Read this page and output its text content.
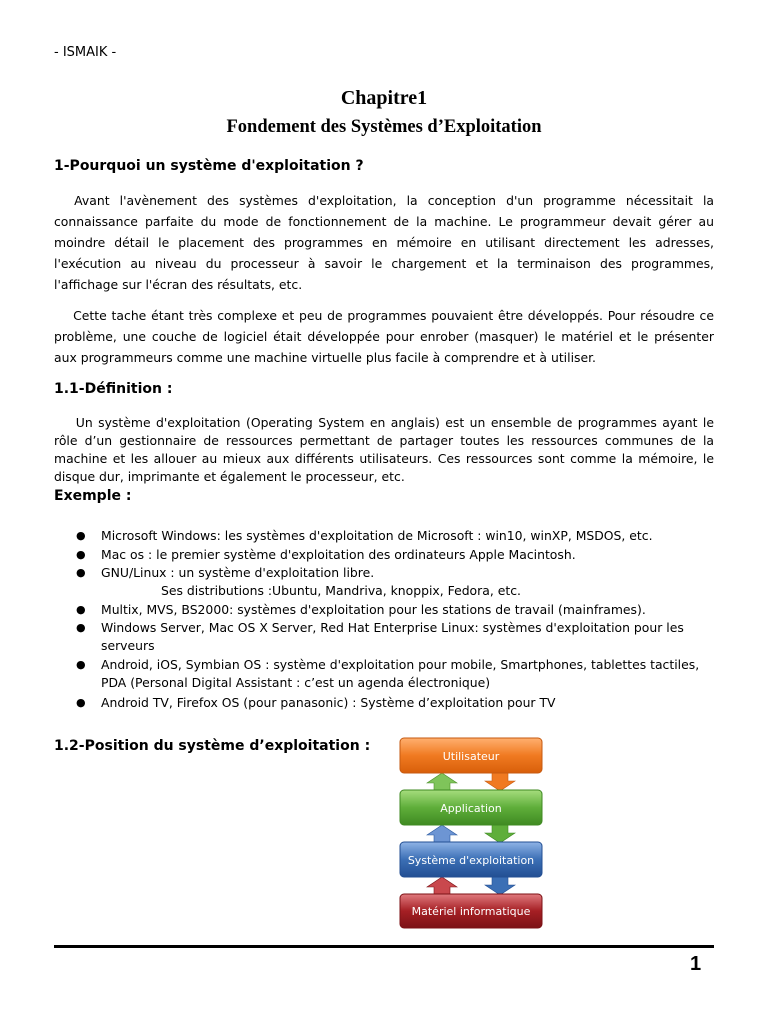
- ISMAIK -
Chapitre1
Fondement des Systèmes d’Exploitation
1-Pourquoi un système d'exploitation ?
Avant  l'avènement  des  systèmes  d'exploitation,  la  conception  d'un  programme  nécessitait  la
connaissance parfaite du mode de fonctionnement de la machine. Le programmeur devait gérer au
moindre détail le placement des programmes en mémoire en utilisant directement les adresses,
l'exécution au niveau du processeur à savoir le chargement et la terminaison des programmes,
l'affichage sur l'écran des résultats, etc.
Cette tache étant très complexe et peu de programmes pouvaient être développés. Pour résoudre ce
problème, une couche de logiciel était développée pour enrober (masquer) le matériel et le présenter
aux programmeurs comme une machine virtuelle plus facile à comprendre et à utiliser.
1.1-Définition :
Un système d'exploitation (Operating System en anglais) est un ensemble de programmes ayant le
rôle d’un gestionnaire de ressources permettant de partager toutes les ressources communes de la
machine et les allouer au mieux aux différents utilisateurs. Ces ressources sont comme la mémoire, le
disque dur, imprimante et également le processeur, etc.
Exemple :
● Microsoft Windows: les systèmes d'exploitation de Microsoft : win10, winXP, MSDOS, etc.
● Mac os : le premier système d'exploitation des ordinateurs Apple Macintosh.
● GNU/Linux : un système d'exploitation libre.
Ses distributions :Ubuntu, Mandriva, knoppix, Fedora, etc.
● Multix, MVS, BS2000: systèmes d'exploitation pour les stations de travail (mainframes).
● Windows Server, Mac OS X Server, Red Hat Enterprise Linux: systèmes d'exploitation pour les serveurs
● Android, iOS, Symbian OS : système d'exploitation pour mobile, Smartphones, tablettes tactiles, PDA (Personal Digital Assistant : c’est un agenda électronique)
● Android TV, Firefox OS (pour panasonic) : Système d’exploitation pour TV
1.2-Position du système d’exploitation :
Utilisateur
Application
Système d'exploitation
Matériel informatique
1
